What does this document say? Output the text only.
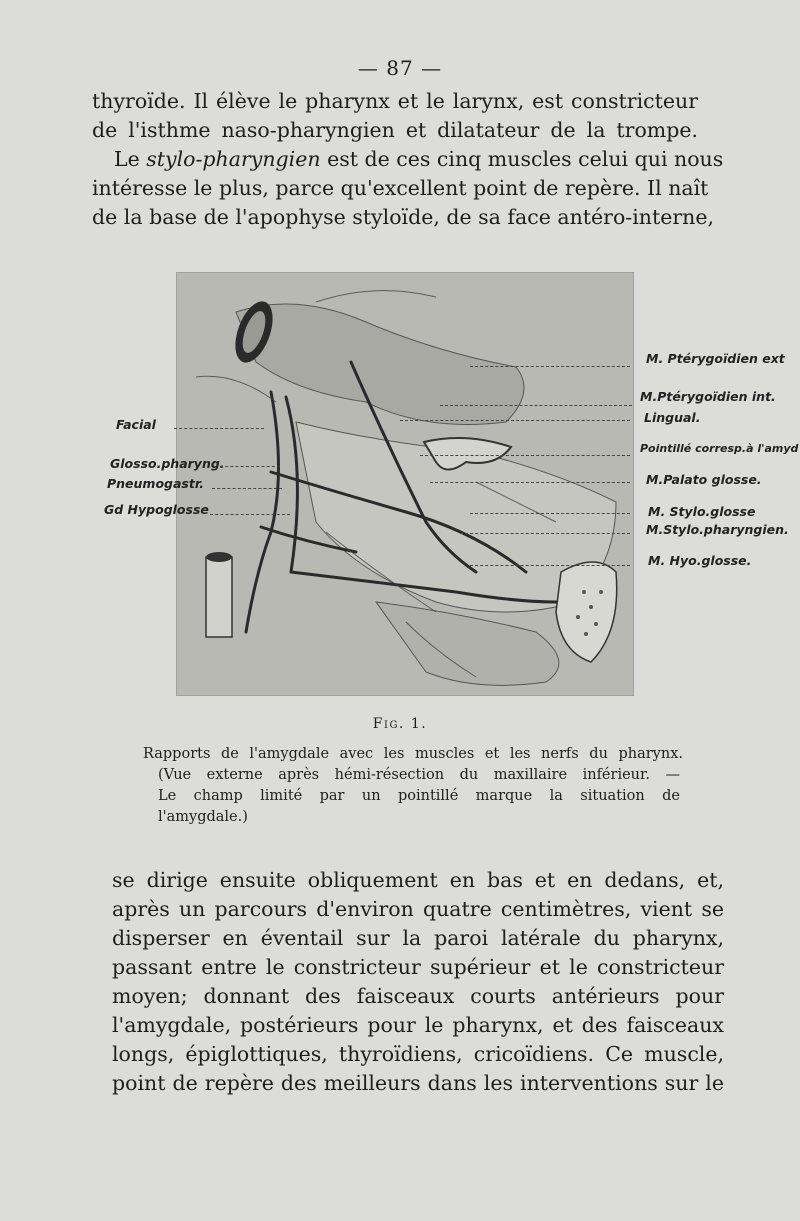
— 87 —

thyroïde. Il élève le pharynx et le larynx, est constricteur
de l'isthme naso-pharyngien et dilatateur de la trompe.
Le stylo-pharyngien est de ces cinq muscles celui qui nous
intéresse le plus, parce qu'excellent point de repère. Il naît
de la base de l'apophyse styloïde, de sa face antéro-interne,

Facial
Glosso.pharyng.
Pneumogastr.
Gd Hypoglosse
M. Ptérygoïdien ext
M.Ptérygoïdien int.
Lingual.
Pointillé corresp.à l'amyd
M.Palato glosse.
M. Stylo.glosse
M.Stylo.pharyngien.
M. Hyo.glosse.
Fig. 1.
Rapports de l'amygdale avec les muscles et les nerfs du pharynx.
(Vue externe après hémi-résection du maxillaire inférieur. —
Le champ limité par un pointillé marque la situation de
l'amygdale.)

se dirige ensuite obliquement en bas et en dedans, et,
après un parcours d'environ quatre centimètres, vient se
disperser en éventail sur la paroi latérale du pharynx,
passant entre le constricteur supérieur et le constricteur
moyen; donnant des faisceaux courts antérieurs pour
l'amygdale, postérieurs pour le pharynx, et des faisceaux
longs, épiglottiques, thyroïdiens, cricoïdiens. Ce muscle,
point de repère des meilleurs dans les interventions sur le
